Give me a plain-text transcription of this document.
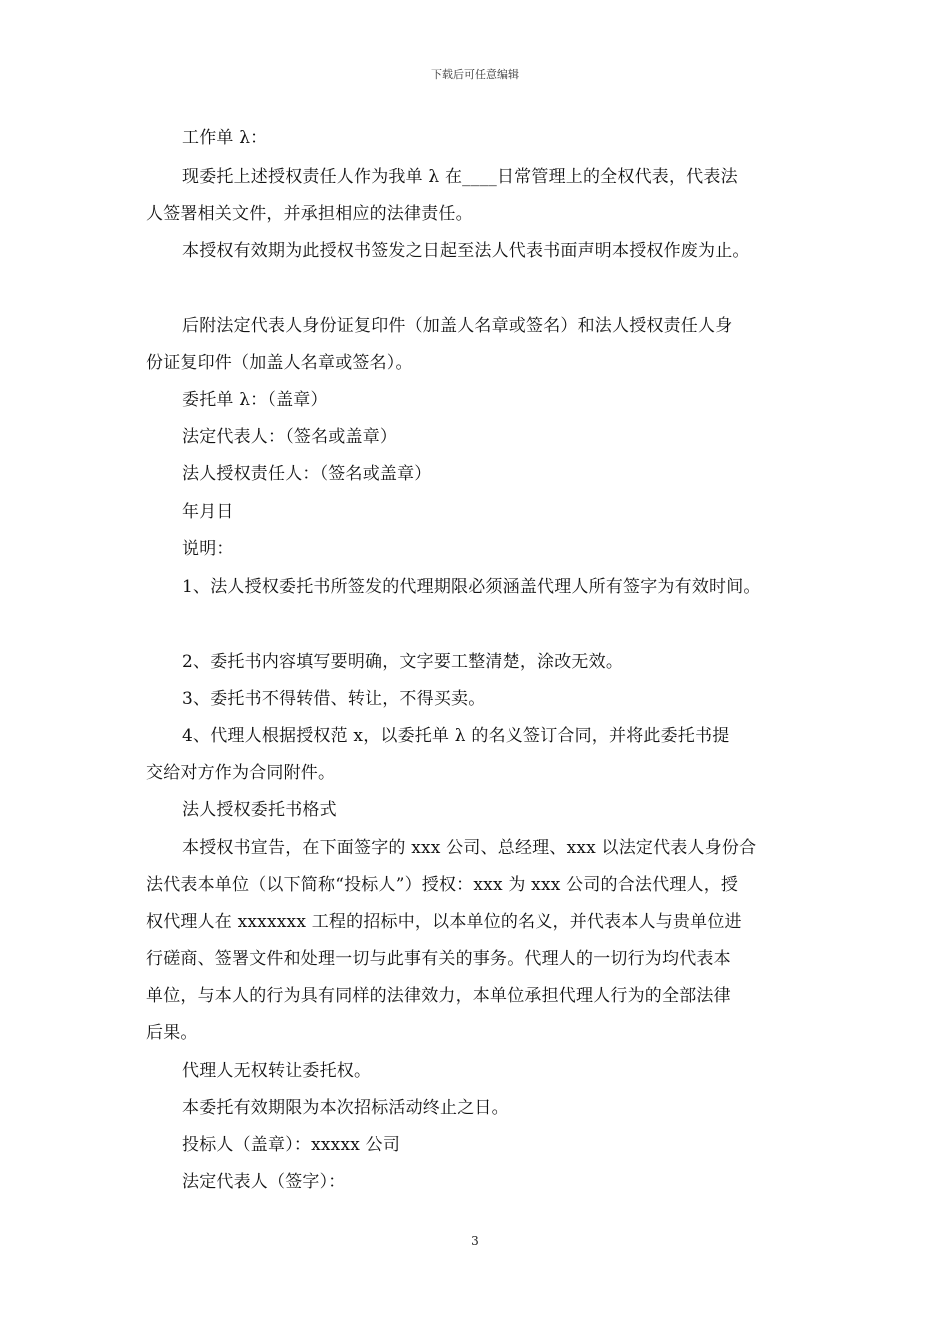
下载后可任意编辑
工作单 λ：
现委托上述授权责任人作为我单 λ 在____日常管理上的全权代表，代表法
人签署相关文件，并承担相应的法律责任。
本授权有效期为此授权书签发之日起至法人代表书面声明本授权作废为止。
后附法定代表人身份证复印件（加盖人名章或签名）和法人授权责任人身
份证复印件（加盖人名章或签名）。
委托单 λ：（盖章）
法定代表人：（签名或盖章）
法人授权责任人：（签名或盖章）
年月日
说明：
1、法人授权委托书所签发的代理期限必须涵盖代理人所有签字为有效时间。
2、委托书内容填写要明确，文字要工整清楚，涂改无效。
3、委托书不得转借、转让，不得买卖。
4、代理人根据授权范 x，以委托单 λ 的名义签订合同，并将此委托书提
交给对方作为合同附件。
法人授权委托书格式
本授权书宣告，在下面签字的 xxx 公司、总经理、xxx 以法定代表人身份合
法代表本单位（以下简称“投标人”）授权：xxx 为 xxx 公司的合法代理人，授
权代理人在 xxxxxxx 工程的招标中，以本单位的名义，并代表本人与贵单位进
行磋商、签署文件和处理一切与此事有关的事务。代理人的一切行为均代表本
单位，与本人的行为具有同样的法律效力，本单位承担代理人行为的全部法律
后果。
代理人无权转让委托权。
本委托有效期限为本次招标活动终止之日。
投标人（盖章）：xxxxx 公司
法定代表人（签字）：
3
